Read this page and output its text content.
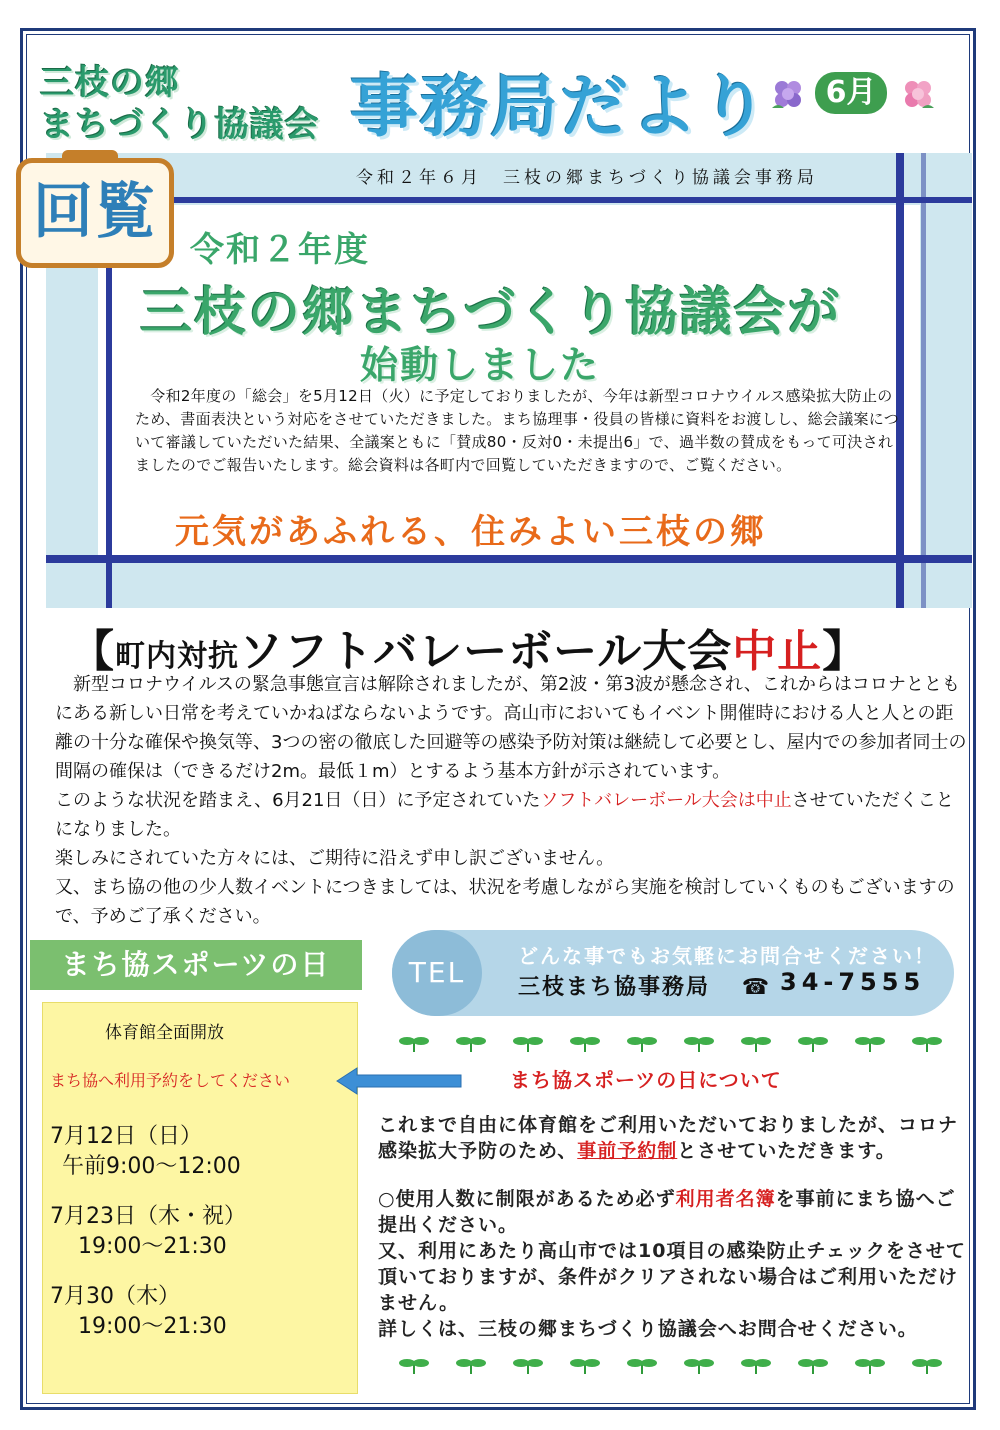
三枝の郷
まちづくり協議会 事務局だより	6月
回覧	令和２年６月　三枝の郷まちづくり協議会事務局
令和２年度
三枝の郷まちづくり協議会が
始動しました
　令和2年度の「総会」を5月12日（火）に予定しておりましたが、今年は新型コロナウイルス感染拡大防止のため、書面表決という対応をさせていただきました。まち協理事・役員の皆様に資料をお渡しし、総会議案について審議していただいた結果、全議案ともに「賛成80・反対0・未提出6」で、過半数の賛成をもって可決されましたのでご報告いたします。総会資料は各町内で回覧していただきますので、ご覧ください。
元気があふれる、住みよい三枝の郷
【町内対抗ソフトバレーボール大会中止】

新型コロナウイルスの緊急事態宣言は解除されましたが、第2波・第3波が懸念され、これからはコロナとともにある新しい日常を考えていかねばならないようです。高山市においてもイベント開催時における人と人との距離の十分な確保や換気等、3つの密の徹底した回避等の感染予防対策は継続して必要とし、屋内での参加者同士の間隔の確保は（できるだけ2m。最低１m）とするよう基本方針が示されています。

このような状況を踏まえ、6月21日（日）に予定されていたソフトバレーボール大会は中止させていただくことになりました。

楽しみにされていた方々には、ご期待に沿えず申し訳ございません。

又、まち協の他の少人数イベントにつきましては、状況を考慮しながら実施を検討していくものもございますので、予めご了承ください。

まち協スポーツの日
体育館全面開放
まち協へ利用予約をしてください

7月12日（日）
午前9:00～12:00

7月23日（木・祝）
19:00～21:30

7月30（木）
19:00～21:30

TEL	どんな事でもお気軽にお問合せください！
三枝まち協事務局 ☎ 34-7555
まち協スポーツの日について

これまで自由に体育館をご利用いただいておりましたが、コロナ感染拡大予防のため、事前予約制とさせていただきます。

○使用人数に制限があるため必ず利用者名簿を事前にまち協へご提出ください。

又、利用にあたり高山市では10項目の感染防止チェックをさせて頂いておりますが、条件がクリアされない場合はご利用いただけません。

詳しくは、三枝の郷まちづくり協議会へお問合せください。
